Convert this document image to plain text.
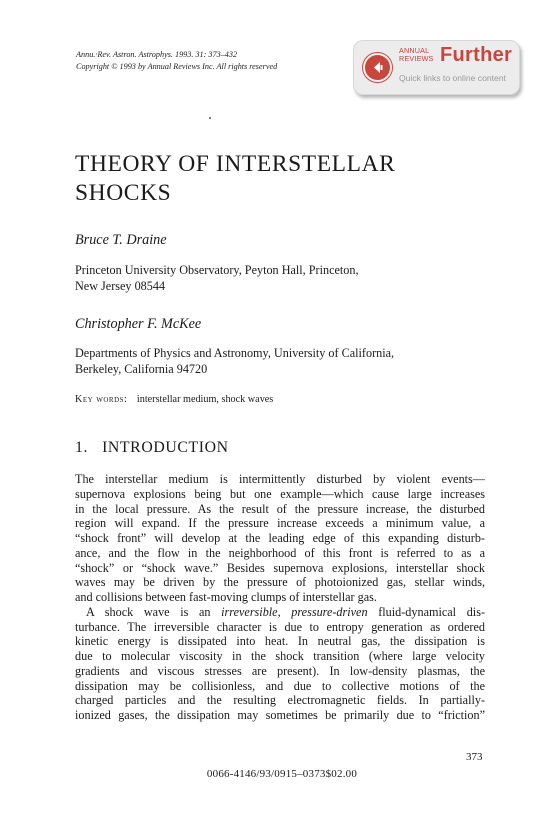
Annu.·Rev. Astron. Astrophys. 1993. 31: 373–432
Copyright © 1993 by Annual Reviews Inc. All rights reserved
ANNUAL
REVIEWS Further
Quick links to online content
THEORY OF INTERSTELLAR
SHOCKS

Bruce T. Draine

Princeton University Observatory, Peyton Hall, Princeton,
New Jersey 08544

Christopher F. McKee

Departments of Physics and Astronomy, University of California,
Berkeley, California 94720
Key words: interstellar medium, shock waves
1. INTRODUCTION
The interstellar medium is intermittently disturbed by violent events—
supernova explosions being but one example—which cause large increases
in the local pressure. As the result of the pressure increase, the disturbed
region will expand. If the pressure increase exceeds a minimum value, a
“shock front” will develop at the leading edge of this expanding disturb-
ance, and the flow in the neighborhood of this front is referred to as a
“shock” or “shock wave.” Besides supernova explosions, interstellar shock
waves may be driven by the pressure of photoionized gas, stellar winds,
and collisions between fast-moving clumps of interstellar gas.
A shock wave is an irreversible, pressure-driven fluid-dynamical dis-
turbance. The irreversible character is due to entropy generation as ordered
kinetic energy is dissipated into heat. In neutral gas, the dissipation is
due to molecular viscosity in the shock transition (where large velocity
gradients and viscous stresses are present). In low-density plasmas, the
dissipation may be collisionless, and due to collective motions of the
charged particles and the resulting electromagnetic fields. In partially-
ionized gases, the dissipation may sometimes be primarily due to “friction”
373
0066-4146/93/0915–0373$02.00
